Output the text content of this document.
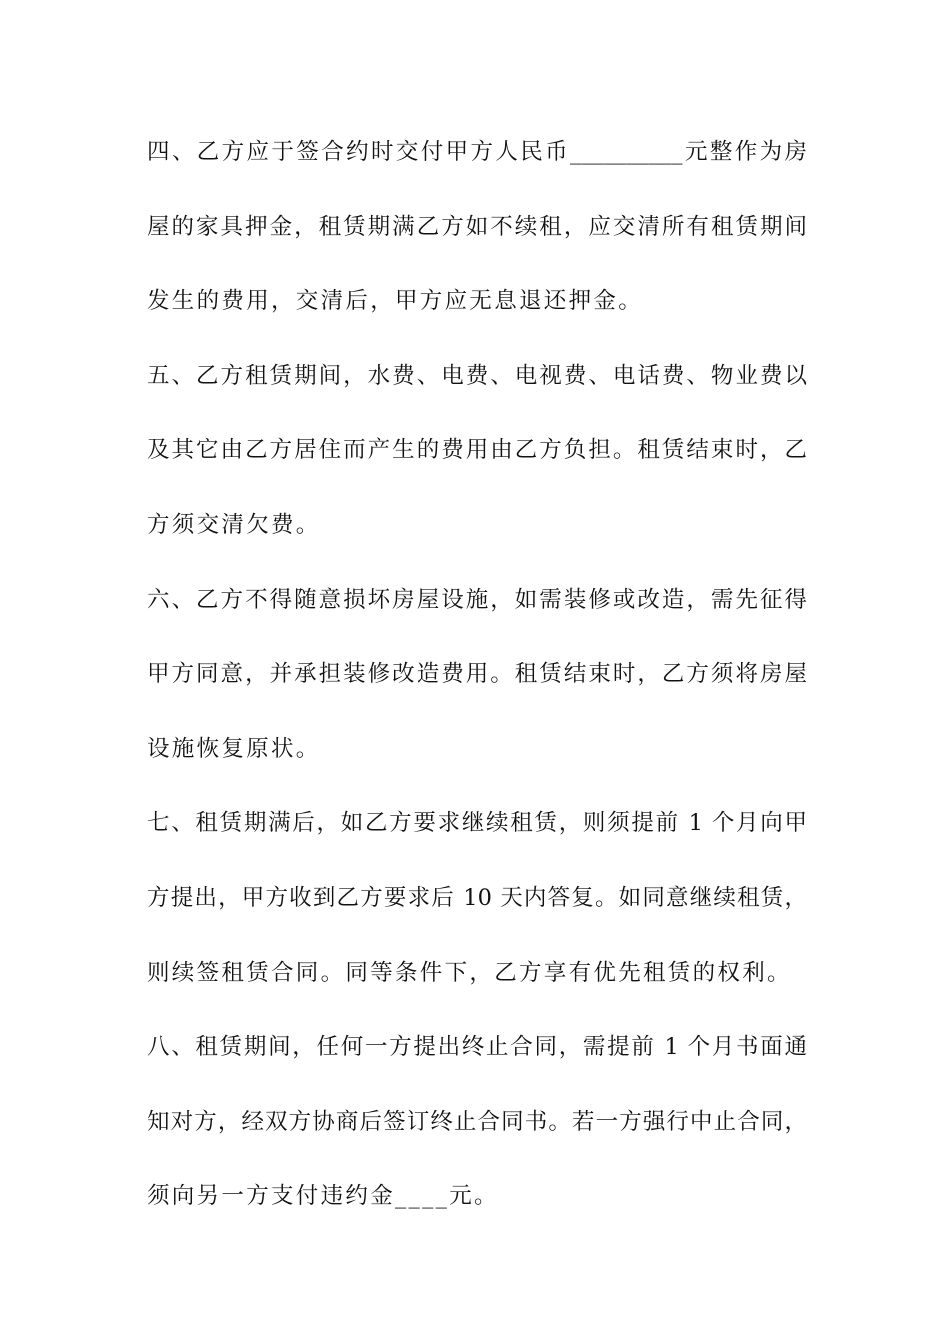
四、乙方应于签合约时交付甲方人民币__________元整作为房
屋的家具押金，租赁期满乙方如不续租，应交清所有租赁期间
发生的费用，交清后，甲方应无息退还押金。
五、乙方租赁期间，水费、电费、电视费、电话费、物业费以
及其它由乙方居住而产生的费用由乙方负担。租赁结束时，乙
方须交清欠费。
六、乙方不得随意损坏房屋设施，如需装修或改造，需先征得
甲方同意，并承担装修改造费用。租赁结束时，乙方须将房屋
设施恢复原状。
七、租赁期满后，如乙方要求继续租赁，则须提前 1 个月向甲
方提出，甲方收到乙方要求后 10 天内答复。如同意继续租赁，
则续签租赁合同。同等条件下，乙方享有优先租赁的权利。
八、租赁期间，任何一方提出终止合同，需提前 1 个月书面通
知对方，经双方协商后签订终止合同书。若一方强行中止合同，
须向另一方支付违约金____元。
